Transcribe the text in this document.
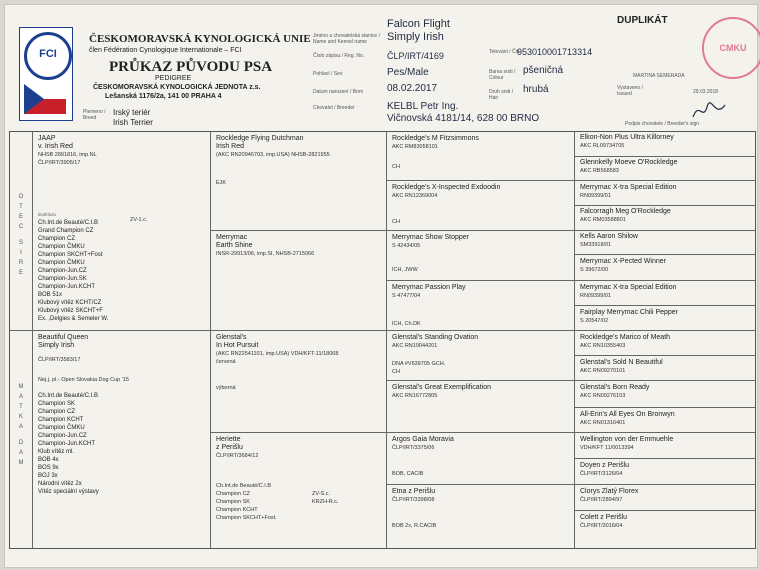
FCI
ČESKOMORAVSKÁ KYNOLOGICKÁ UNIE
člen Fédération Cynologique Internationale – FCI
PRŮKAZ PŮVODU PSA
PEDIGREE
ČESKOMORAVSKÁ KYNOLOGICKÁ JEDNOTA z.s.
Lešanská 1176/2a, 141 00 PRAHA 4
Plemeno / Breed
Irský teriér
Irish Terrier
Jméno a chovatelská stanice / Name and Kennel name
Číslo zápisu / Reg. No.
Pohlaví / Sex
Datum narození / Born
Chovatel / Breeder
Falcon Flight
Simply Irish
ČLP/IRT/4169
Pes/Male
08.02.2017
KELBL Petr Ing.
Vičnovská 4181/14, 628 00 BRNO
Tetování / Čip
953010001713314
Barva srsti / Colour
pšeničná
Druh srsti / Hair
hrubá
DUPLIKÁT
MARTINA SEMERADA
Vystaveno / Issued	29.03.2018
CMKU
Podpis chovatele / Breeder's sign
O
T
E
C
S
I
R
E
M
A
T
K
A
D
A
M
JAAP
v. Irish Red
NHSB 2891816, imp.NL
ČLP/IRT/3905/17
titul/título
ZV-1.c.
Ch.Int.de Beauté/C.I.B
Grand Champion CZ
Champion CZ
Champion ČMKU
Champion SKCHT+Fost
Champion ČMKU
Champion-Jun.CZ
Champion-Jun.SK
Champion-Jun.KCHT
BOB 51x
Klubový vítěz KCHT/CZ
Klubový vítěz SKCHT+F
Ex. ,Delgies & Semeler W.
Beautiful Queen
Simply Irish
ČLP/IRT/3583/17
Nej.j. pl.- Open Slovakia Dog Cup '15
Ch.Int.de Beauté/C.I.B
Champion SK
Champion CZ
Champion KCHT
Champion ČMKU
Champion-Jun.CZ
Champion-Jun.KCHT
Klub vítěz ml.
BOB 4x
BOS 9x
BOJ 3x
Národní vítěz 2x
Vítěz speciální výstavy
Rockledge Flying Dutchman
Irish Red
(AKC RN20946703, imp.USA) NHSB-2821955
EJK
Merrymac
Earth Shine
INSR-29913/06, imp.SI, NHSB-2715066
Glenstal's
In Hot Pursuit
(AKC RN22541101, imp.USA) VDH/KFT-11/18068
červená
výborná
Heriette
z Perišlu
ČLP/IRT/3684/12
Ch.Int.de Beauté/C.I.B
Champion CZ
Champion SK
Champion KCHT
Champion SKCHT+Fost.
ZV-S.c.
KRZH-R.c.
Rockledge's M Fitzsimmons
AKC RM83058101
CH
Rockledge's X-Inspected Exdoodin
AKC RN12369004
CH
Merrymac Show Stopper
S 42434/05
ICH, JWW
Merrymac Passion Play
S 47477/04
ICH, Ch.DK
Glenstal's Standing Ovation
AKC RN19044201
DNA #V639705 GCH, CH
Glenstal's Great Exemplification
AKC RN16772805
Argos Gaia Moravia
ČLP/IRT/3375/06
BOB, CACIB
Etna z Perišlu
ČLP/IRT/3398/08
BOB 2x, R.CACIB
Elkon-Non Plus Ultra Killorney
AKC RL09734705
Glennkelly Moeve O'Rockledge
AKC RB568583
Merrymac X-tra Special Edition
RN09399/01
Falcorragh Meg O'Rockledge
AKC RM03588801
Kells Aaron Shilow
SM33918/01
Merrymac X-Pected Winner
S 39672/00
Merrymac X-tra Special Edition
RN09399/01
Fairplay Merrymac Chili Pepper
S 20547/02
Rockledge's Marico of Meath
AKC RN10355403
Glenstal's Sold N Beautiful
AKC RN09270101
Glenstal's Born Ready
AKC RN09276103
All-Erin's All Eyes On Bronwyn
AKC RN01316401
Wellington von der Emmuehle
VDH/KFT 11/0013394
Doyen z Perišlu
ČLP/IRT/3126/04
Clorys Zlatý Florex
ČLP/IRT/2894/97
Colett z Perišlu
ČLP/IRT/3016/04
